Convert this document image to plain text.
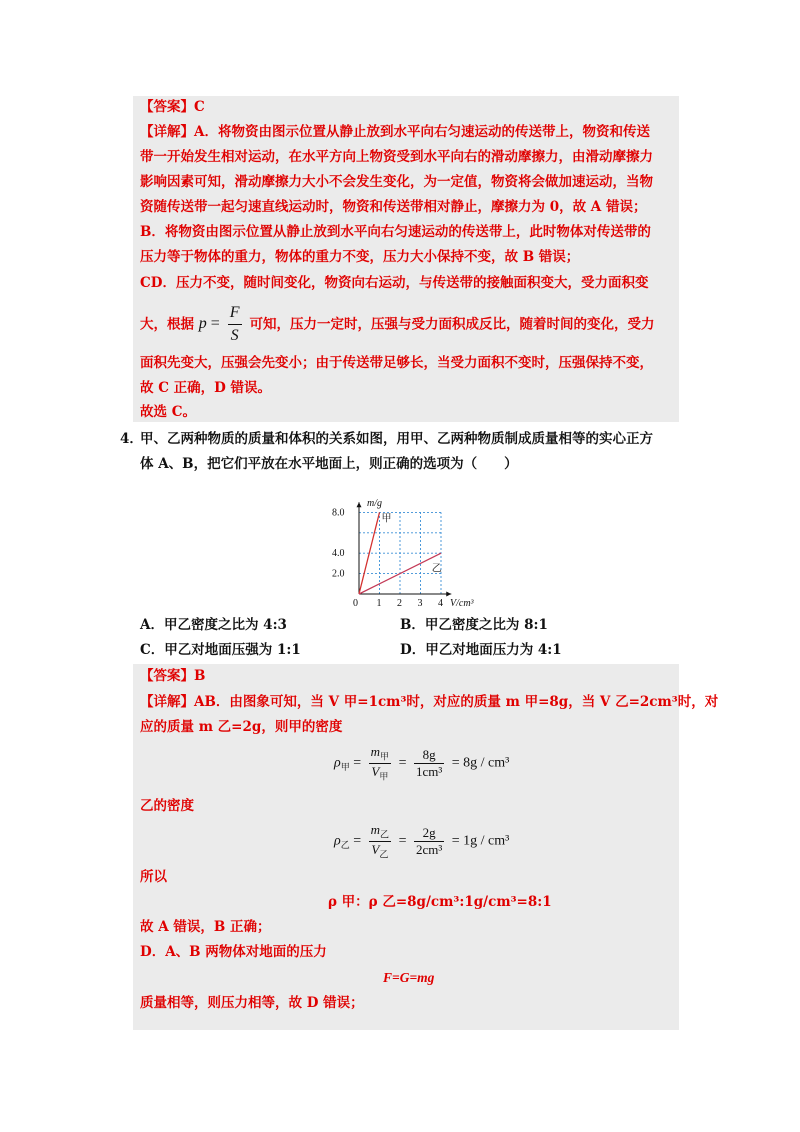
【答案】C
【详解】A．将物资由图示位置从静止放到水平向右匀速运动的传送带上，物资和传送
带一开始发生相对运动，在水平方向上物资受到水平向右的滑动摩擦力，由滑动摩擦力
影响因素可知，滑动摩擦力大小不会发生变化，为一定值，物资将会做加速运动，当物
资随传送带一起匀速直线运动时，物资和传送带相对静止，摩擦力为 0，故 A 错误；
B．将物资由图示位置从静止放到水平向右匀速运动的传送带上，此时物体对传送带的
压力等于物体的重力，物体的重力不变，压力大小保持不变，故 B 错误；
CD．压力不变，随时间变化，物资向右运动，与传送带的接触面积变大，受力面积变
大，根据 $p = \frac{F}{S}$ 可知，压力一定时，压强与受力面积成反比，随着时间的变化，受力
面积先变大，压强会先变小；由于传送带足够长，当受力面积不变时，压强保持不变，
故 C 正确，D 错误。
故选 C。
4．
甲、乙两种物质的质量和体积的关系如图，用甲、乙两种物质制成质量相等的实心正方
体 A、B，把它们平放在水平地面上，则正确的选项为（　　）
甲
乙
0 1 2 3 4
2.0
4.0
8.0
m/g
V/cm³
A．甲乙密度之比为 4:3	B．甲乙密度之比为 8:1
C．甲乙对地面压强为 1:1	D．甲乙对地面压力为 4:1
【答案】B
【详解】AB．由图象可知，当 V 甲=1cm³时，对应的质量 m 甲=8g，当 V 乙=2cm³时，对
应的质量 m 乙=2g，则甲的密度
$\rho_甲 = \frac{m_甲}{V_甲} = \frac{8g}{\text{1cm³}} = 8g / cm^3$
乙的密度
$\rho_乙 = \frac{m_乙}{V_乙} = \frac{2g}{\text{2cm³}} = 1g / cm^3$
所以
ρ 甲：ρ 乙=8g/cm³:1g/cm³=8:1
故 A 错误，B 正确；
D．A、B 两物体对地面的压力
F=G=mg
质量相等，则压力相等，故 D 错误；
